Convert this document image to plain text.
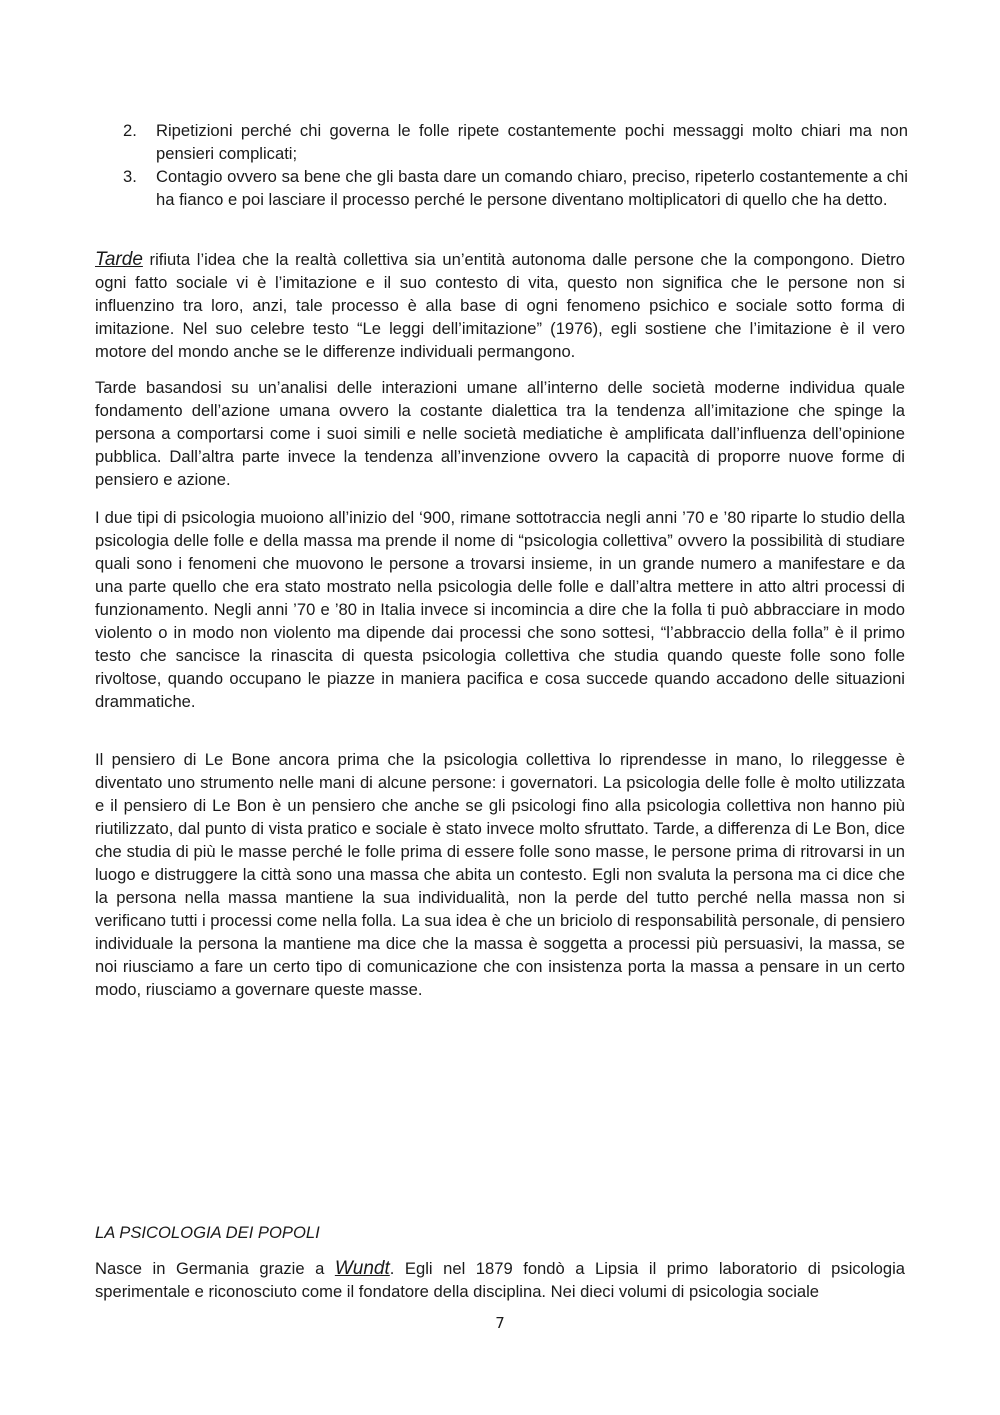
2. Ripetizioni perché chi governa le folle ripete costantemente pochi messaggi molto chiari ma non pensieri complicati;
3. Contagio ovvero sa bene che gli basta dare un comando chiaro, preciso, ripeterlo costantemente a chi ha fianco e poi lasciare il processo perché le persone diventano moltiplicatori di quello che ha detto.

Tarde rifiuta l’idea che la realtà collettiva sia un’entità autonoma dalle persone che la compongono. Dietro ogni fatto sociale vi è l’imitazione e il suo contesto di vita, questo non significa che le persone non si influenzino tra loro, anzi, tale processo è alla base di ogni fenomeno psichico e sociale sotto forma di imitazione. Nel suo celebre testo “Le leggi dell’imitazione” (1976), egli sostiene che l’imitazione è il vero motore del mondo anche se le differenze individuali permangono.

Tarde basandosi su un’analisi delle interazioni umane all’interno delle società moderne individua quale fondamento dell’azione umana ovvero la costante dialettica tra la tendenza all’imitazione che spinge la persona a comportarsi come i suoi simili e nelle società mediatiche è amplificata dall’influenza dell’opinione pubblica. Dall’altra parte invece la tendenza all’invenzione ovvero la capacità di proporre nuove forme di pensiero e azione.

I due tipi di psicologia muoiono all’inizio del ‘900, rimane sottotraccia negli anni ’70 e ’80 riparte lo studio della psicologia delle folle e della massa ma prende il nome di “psicologia collettiva” ovvero la possibilità di studiare quali sono i fenomeni che muovono le persone a trovarsi insieme, in un grande numero a manifestare e da una parte quello che era stato mostrato nella psicologia delle folle e dall’altra mettere in atto altri processi di funzionamento. Negli anni ’70 e ’80 in Italia invece si incomincia a dire che la folla ti può abbracciare in modo violento o in modo non violento ma dipende dai processi che sono sottesi, “l’abbraccio della folla” è il primo testo che sancisce la rinascita di questa psicologia collettiva che studia quando queste folle sono folle rivoltose, quando occupano le piazze in maniera pacifica e cosa succede quando accadono delle situazioni drammatiche.

Il pensiero di Le Bone ancora prima che la psicologia collettiva lo riprendesse in mano, lo rileggesse è diventato uno strumento nelle mani di alcune persone: i governatori. La psicologia delle folle è molto utilizzata e il pensiero di Le Bon è un pensiero che anche se gli psicologi fino alla psicologia collettiva non hanno più riutilizzato, dal punto di vista pratico e sociale è stato invece molto sfruttato. Tarde, a differenza di Le Bon, dice che studia di più le masse perché le folle prima di essere folle sono masse, le persone prima di ritrovarsi in un luogo e distruggere la città sono una massa che abita un contesto. Egli non svaluta la persona ma ci dice che la persona nella massa mantiene la sua individualità, non la perde del tutto perché nella massa non si verificano tutti i processi come nella folla. La sua idea è che un briciolo di responsabilità personale, di pensiero individuale la persona la mantiene ma dice che la massa è soggetta a processi più persuasivi, la massa, se noi riusciamo a fare un certo tipo di comunicazione che con insistenza porta la massa a pensare in un certo modo, riusciamo a governare queste masse.

LA PSICOLOGIA DEI POPOLI

Nasce in Germania grazie a Wundt. Egli nel 1879 fondò a Lipsia il primo laboratorio di psicologia sperimentale e riconosciuto come il fondatore della disciplina. Nei dieci volumi di psicologia sociale

7
